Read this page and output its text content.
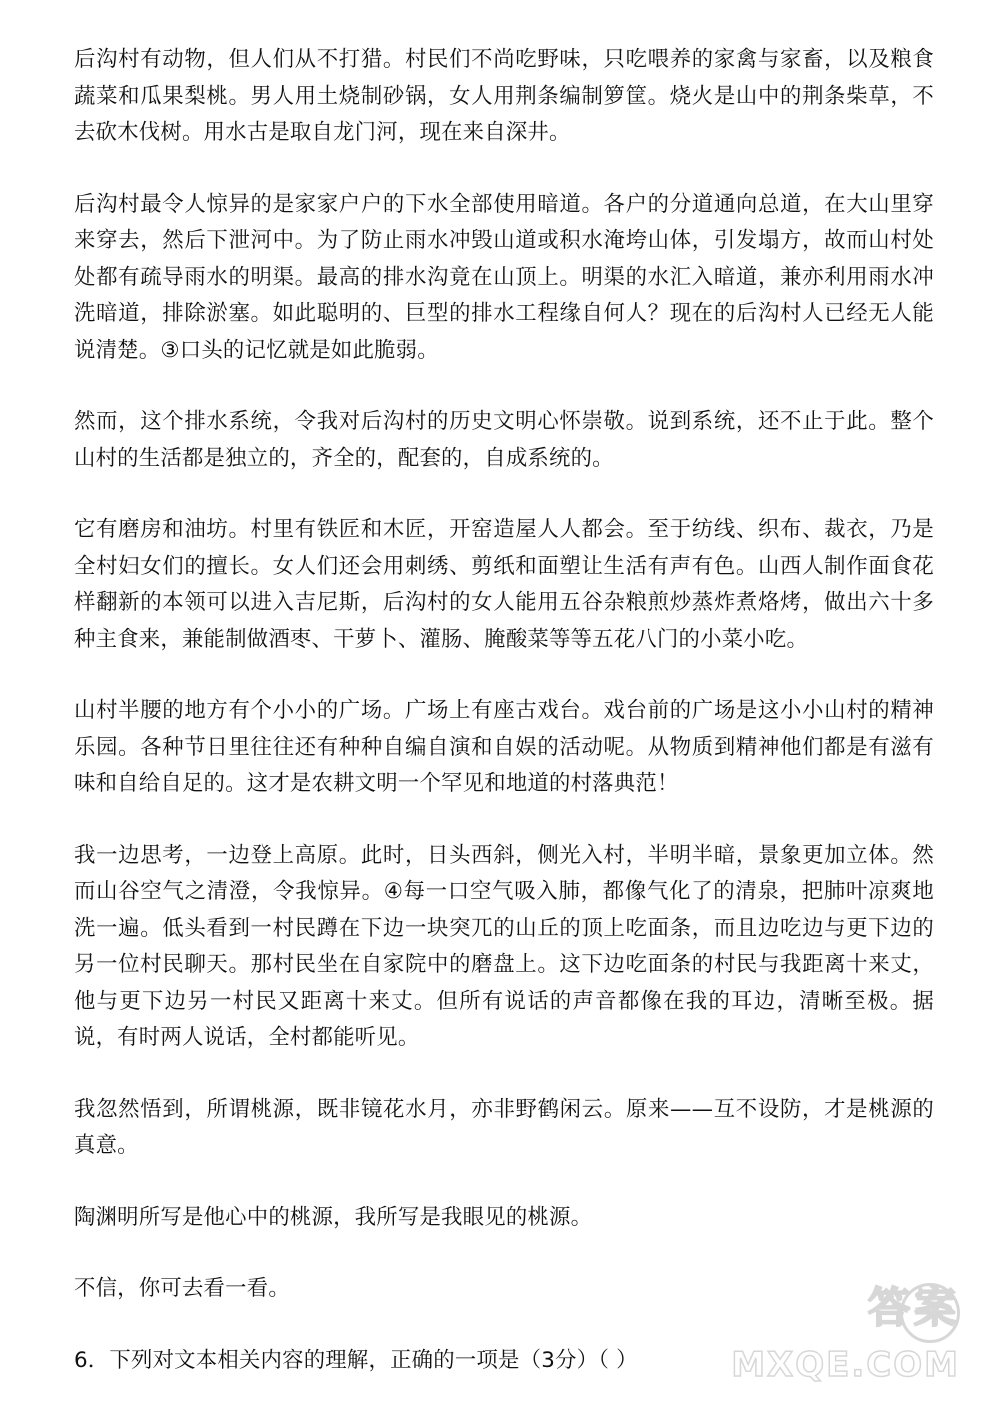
后沟村有动物，但人们从不打猎。村民们不尚吃野味，只吃喂养的家禽与家畜，以及粮食蔬菜和瓜果梨桃。男人用土烧制砂锅，女人用荆条编制箩筐。烧火是山中的荆条柴草，不去砍木伐树。用水古是取自龙门河，现在来自深井。

后沟村最令人惊异的是家家户户的下水全部使用暗道。各户的分道通向总道，在大山里穿来穿去，然后下泄河中。为了防止雨水冲毁山道或积水淹垮山体，引发塌方，故而山村处处都有疏导雨水的明渠。最高的排水沟竟在山顶上。明渠的水汇入暗道，兼亦利用雨水冲洗暗道，排除淤塞。如此聪明的、巨型的排水工程缘自何人？现在的后沟村人已经无人能说清楚。③口头的记忆就是如此脆弱。

然而，这个排水系统，令我对后沟村的历史文明心怀崇敬。说到系统，还不止于此。整个山村的生活都是独立的，齐全的，配套的，自成系统的。

它有磨房和油坊。村里有铁匠和木匠，开窑造屋人人都会。至于纺线、织布、裁衣，乃是全村妇女们的擅长。女人们还会用刺绣、剪纸和面塑让生活有声有色。山西人制作面食花样翻新的本领可以进入吉尼斯，后沟村的女人能用五谷杂粮煎炒蒸炸煮烙烤，做出六十多种主食来，兼能制做酒枣、干萝卜、灌肠、腌酸菜等等五花八门的小菜小吃。

山村半腰的地方有个小小的广场。广场上有座古戏台。戏台前的广场是这小小山村的精神乐园。各种节日里往往还有种种自编自演和自娱的活动呢。从物质到精神他们都是有滋有味和自给自足的。这才是农耕文明一个罕见和地道的村落典范！

我一边思考，一边登上高原。此时，日头西斜，侧光入村，半明半暗，景象更加立体。然而山谷空气之清澄，令我惊异。④每一口空气吸入肺，都像气化了的清泉，把肺叶凉爽地洗一遍。低头看到一村民蹲在下边一块突兀的山丘的顶上吃面条，而且边吃边与更下边的另一位村民聊天。那村民坐在自家院中的磨盘上。这下边吃面条的村民与我距离十来丈，他与更下边另一村民又距离十来丈。但所有说话的声音都像在我的耳边，清晰至极。据说，有时两人说话，全村都能听见。

我忽然悟到，所谓桃源，既非镜花水月，亦非野鹤闲云。原来——互不设防，才是桃源的真意。

陶渊明所写是他心中的桃源，我所写是我眼见的桃源。

不信，你可去看一看。

6．下列对文本相关内容的理解，正确的一项是（3分）（ ）

答案
MXQE.COM
